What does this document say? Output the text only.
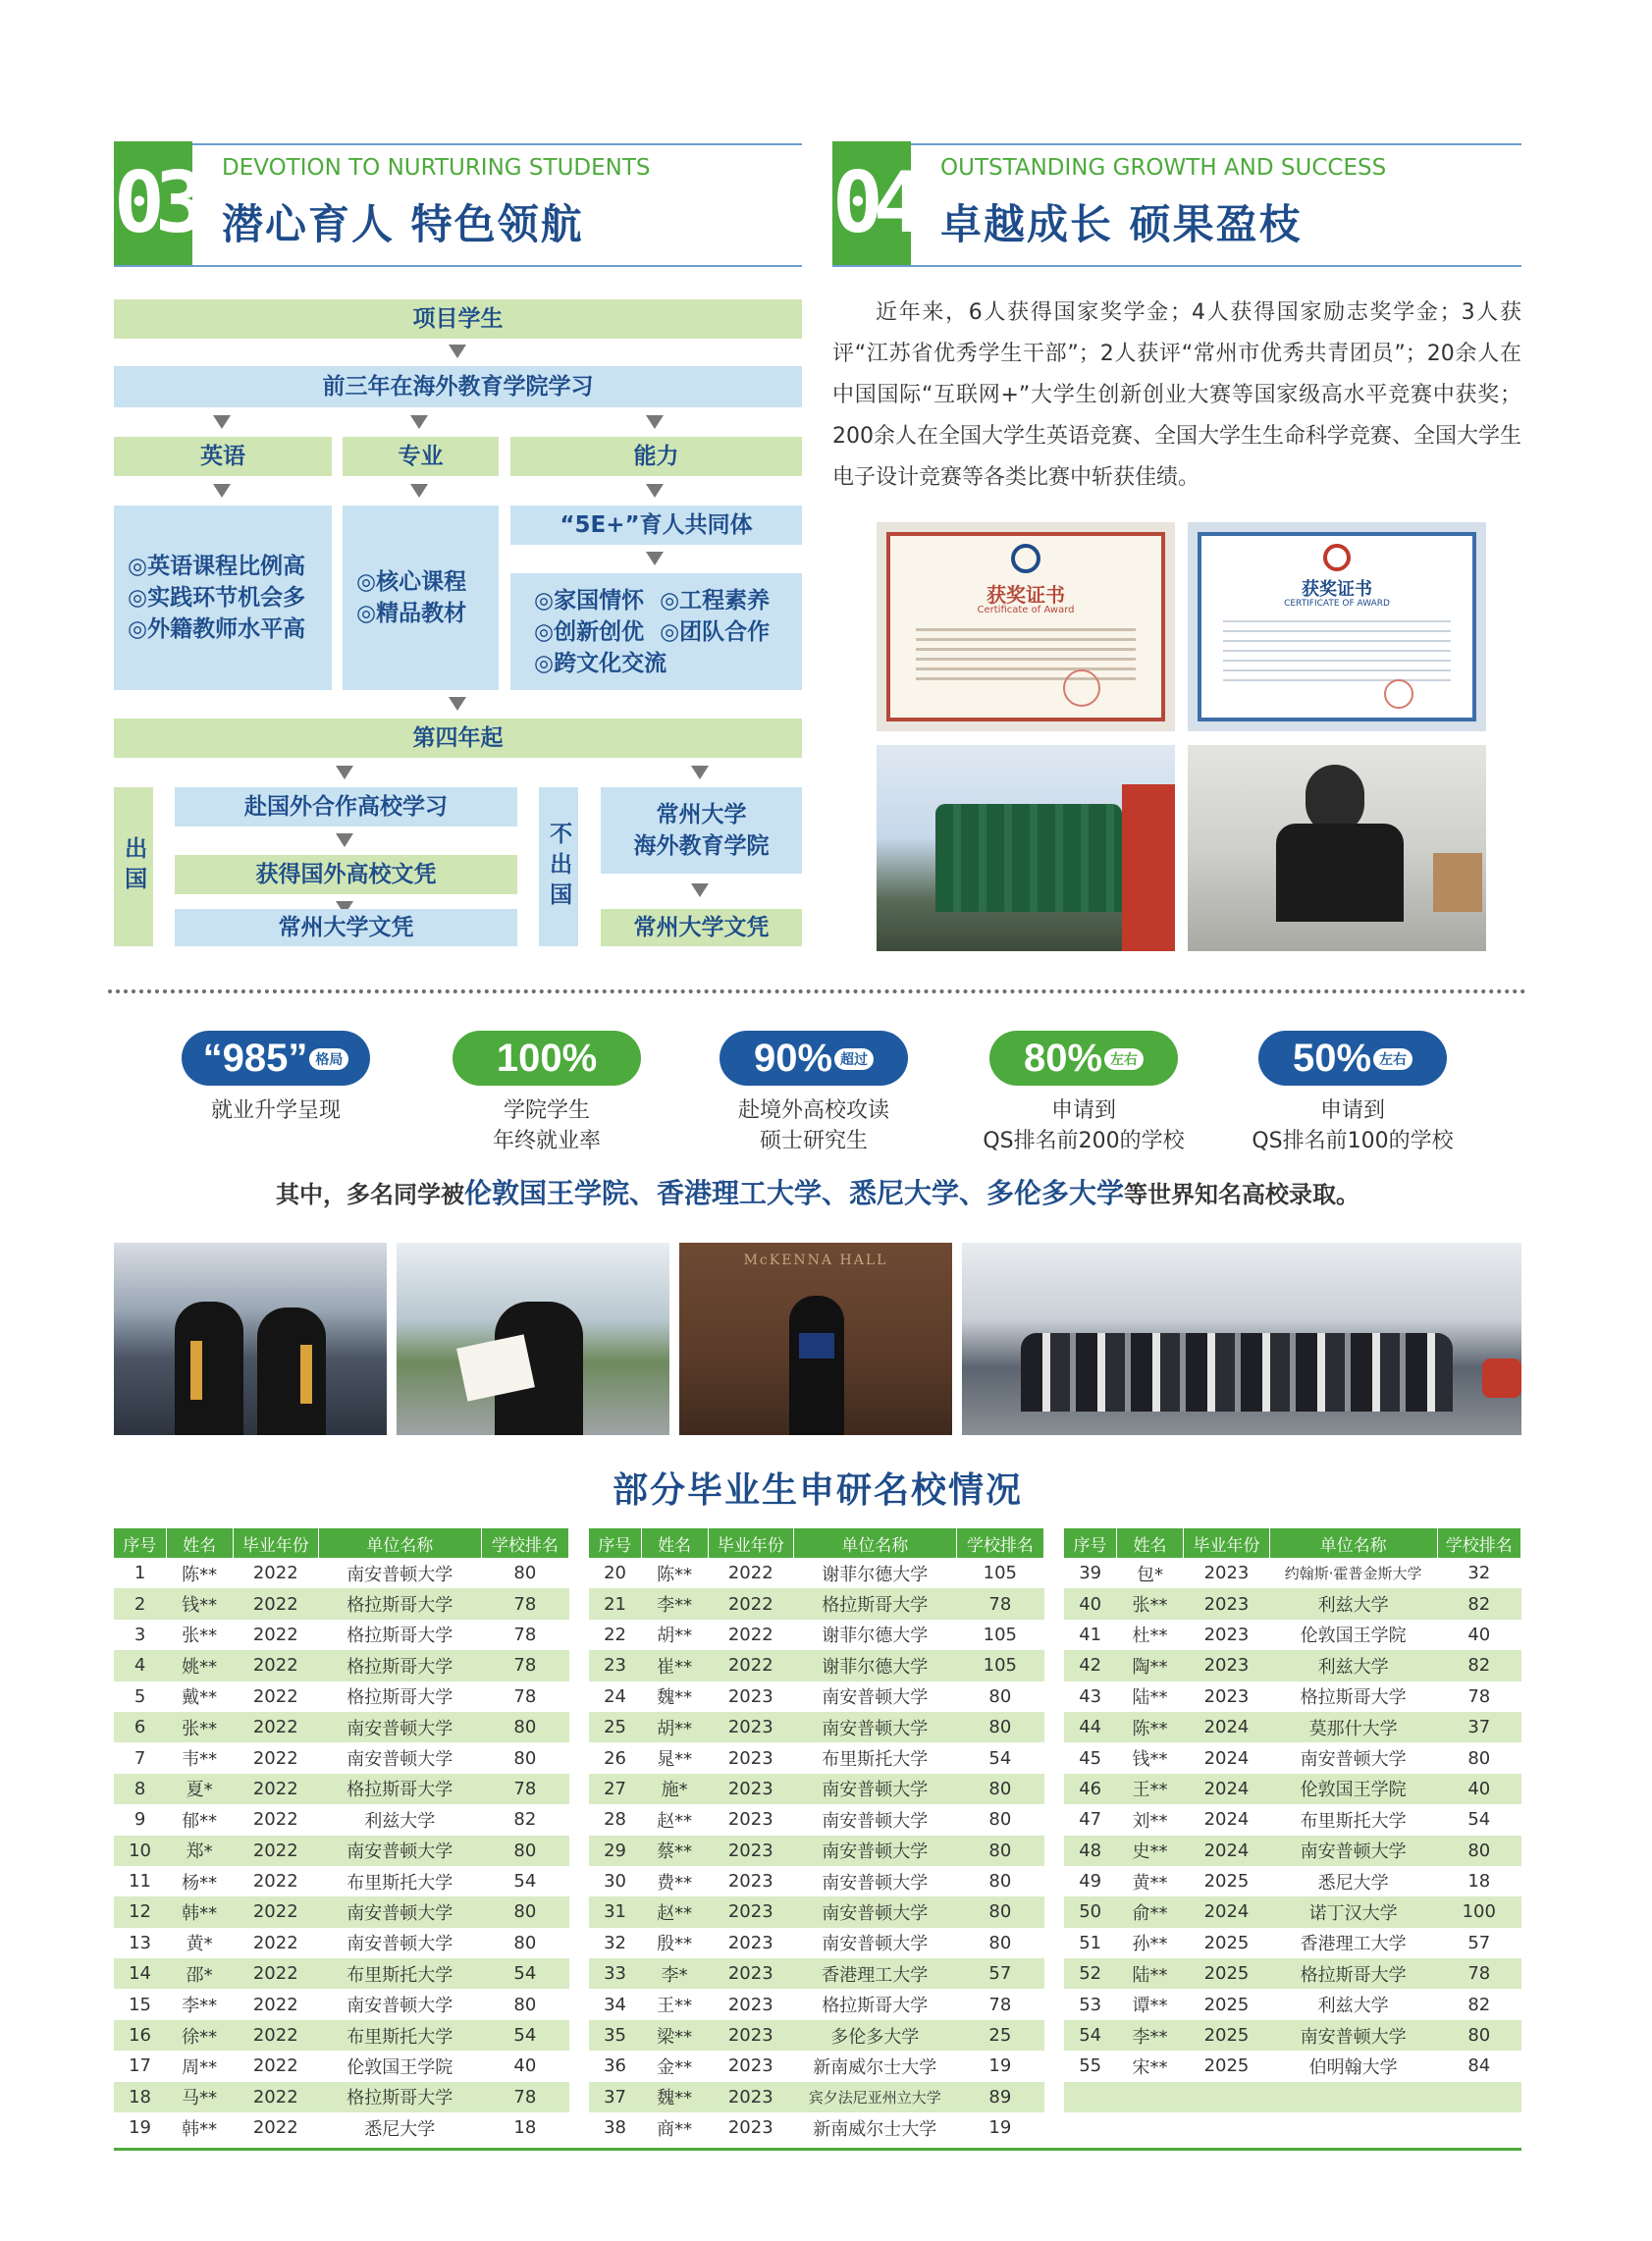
03 DEVOTION TO NURTURING STUDENTS
潜心育人 特色领航	04 OUTSTANDING GROWTH AND SUCCESS
卓越成长 硕果盈枝
项目学生
前三年在海外教育学院学习
英语	专业	能力
◎英语课程比例高
◎实践环节机会多
◎外籍教师水平高
◎核心课程
◎精品教材
“5E+”育人共同体
◎家国情怀 ◎工程素养
◎创新创优 ◎团队合作
◎跨文化交流
第四年起
出国
赴国外合作高校学习
获得国外高校文凭
常州大学文凭
不出国
常州大学
海外教育学院
常州大学文凭

近年来，6人获得国家奖学金；4人获得国家励志奖学金；3人获评“江苏省优秀学生干部”；2人获评“常州市优秀共青团员”；20余人在中国国际“互联网+”大学生创新创业大赛等国家级高水平竞赛中获奖；200余人在全国大学生英语竞赛、全国大学生生命科学竞赛、全国大学生电子设计竞赛等各类比赛中斩获佳绩。

获奖证书
Certificate of Award
获奖证书
CERTIFICATE OF AWARD
“985” 格局
就业升学呈现
100%
学院学生
年终就业率
90% 超过
赴境外高校攻读
硕士研究生
80% 左右
申请到
QS排名前200的学校
50% 左右
申请到
QS排名前100的学校
其中，多名同学被伦敦国王学院、香港理工大学、悉尼大学、多伦多大学等世界知名高校录取。
McKENNA HALL
部分毕业生申研名校情况
序号	姓名	毕业年份	单位名称	学校排名
1	陈**	2022	南安普顿大学	80
2	钱**	2022	格拉斯哥大学	78
3	张**	2022	格拉斯哥大学	78
4	姚**	2022	格拉斯哥大学	78
5	戴**	2022	格拉斯哥大学	78
6	张**	2022	南安普顿大学	80
7	韦**	2022	南安普顿大学	80
8	夏*	2022	格拉斯哥大学	78
9	郁**	2022	利兹大学	82
10	郑*	2022	南安普顿大学	80
11	杨**	2022	布里斯托大学	54
12	韩**	2022	南安普顿大学	80
13	黄*	2022	南安普顿大学	80
14	邵*	2022	布里斯托大学	54
15	李**	2022	南安普顿大学	80
16	徐**	2022	布里斯托大学	54
17	周**	2022	伦敦国王学院	40
18	马**	2022	格拉斯哥大学	78
19	韩**	2022	悉尼大学	18
序号	姓名	毕业年份	单位名称	学校排名
20	陈**	2022	谢菲尔德大学	105
21	李**	2022	格拉斯哥大学	78
22	胡**	2022	谢菲尔德大学	105
23	崔**	2022	谢菲尔德大学	105
24	魏**	2023	南安普顿大学	80
25	胡**	2023	南安普顿大学	80
26	晁**	2023	布里斯托大学	54
27	施*	2023	南安普顿大学	80
28	赵**	2023	南安普顿大学	80
29	蔡**	2023	南安普顿大学	80
30	费**	2023	南安普顿大学	80
31	赵**	2023	南安普顿大学	80
32	殷**	2023	南安普顿大学	80
33	李*	2023	香港理工大学	57
34	王**	2023	格拉斯哥大学	78
35	梁**	2023	多伦多大学	25
36	金**	2023	新南威尔士大学	19
37	魏**	2023	宾夕法尼亚州立大学	89
38	商**	2023	新南威尔士大学	19
序号	姓名	毕业年份	单位名称	学校排名
39	包*	2023	约翰斯·霍普金斯大学	32
40	张**	2023	利兹大学	82
41	杜**	2023	伦敦国王学院	40
42	陶**	2023	利兹大学	82
43	陆**	2023	格拉斯哥大学	78
44	陈**	2024	莫那什大学	37
45	钱**	2024	南安普顿大学	80
46	王**	2024	伦敦国王学院	40
47	刘**	2024	布里斯托大学	54
48	史**	2024	南安普顿大学	80
49	黄**	2025	悉尼大学	18
50	俞**	2024	诺丁汉大学	100
51	孙**	2025	香港理工大学	57
52	陆**	2025	格拉斯哥大学	78
53	谭**	2025	利兹大学	82
54	李**	2025	南安普顿大学	80
55	宋**	2025	伯明翰大学	84
